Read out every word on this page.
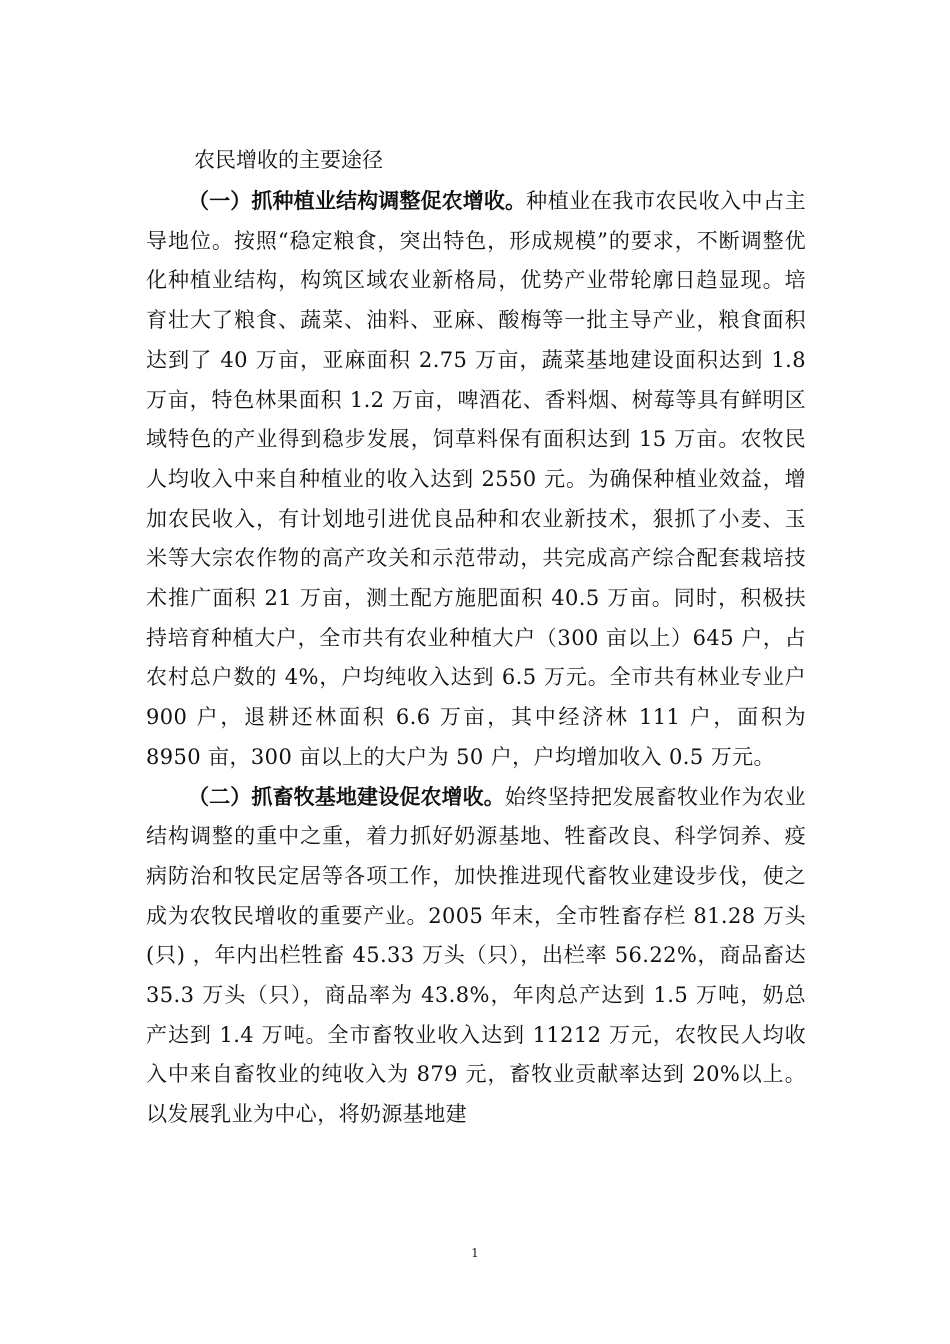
农民增收的主要途径

（一）抓种植业结构调整促农增收。种植业在我市农民收入中占主导地位。按照“稳定粮食，突出特色，形成规模”的要求，不断调整优化种植业结构，构筑区域农业新格局，优势产业带轮廓日趋显现。培育壮大了粮食、蔬菜、油料、亚麻、酸梅等一批主导产业，粮食面积达到了 40 万亩，亚麻面积 2.75 万亩，蔬菜基地建设面积达到 1.8 万亩，特色林果面积 1.2 万亩，啤酒花、香料烟、树莓等具有鲜明区域特色的产业得到稳步发展，饲草料保有面积达到 15 万亩。农牧民人均收入中来自种植业的收入达到 2550 元。为确保种植业效益，增加农民收入，有计划地引进优良品种和农业新技术，狠抓了小麦、玉米等大宗农作物的高产攻关和示范带动，共完成高产综合配套栽培技术推广面积 21 万亩，测土配方施肥面积 40.5 万亩。同时，积极扶持培育种植大户，全市共有农业种植大户（300 亩以上）645 户，占农村总户数的 4%，户均纯收入达到 6.5 万元。全市共有林业专业户 900 户，退耕还林面积 6.6 万亩，其中经济林 111 户，面积为 8950 亩，300 亩以上的大户为 50 户，户均增加收入 0.5 万元。

（二）抓畜牧基地建设促农增收。始终坚持把发展畜牧业作为农业结构调整的重中之重，着力抓好奶源基地、牲畜改良、科学饲养、疫病防治和牧民定居等各项工作，加快推进现代畜牧业建设步伐，使之成为农牧民增收的重要产业。2005 年末，全市牲畜存栏 81.28 万头(只) ，年内出栏牲畜 45.33 万头（只），出栏率 56.22%，商品畜达 35.3 万头（只），商品率为 43.8%，年肉总产达到 1.5 万吨，奶总产达到 1.4 万吨。全市畜牧业收入达到 11212 万元，农牧民人均收入中来自畜牧业的纯收入为 879 元，畜牧业贡献率达到 20%以上。以发展乳业为中心，将奶源基地建

1
